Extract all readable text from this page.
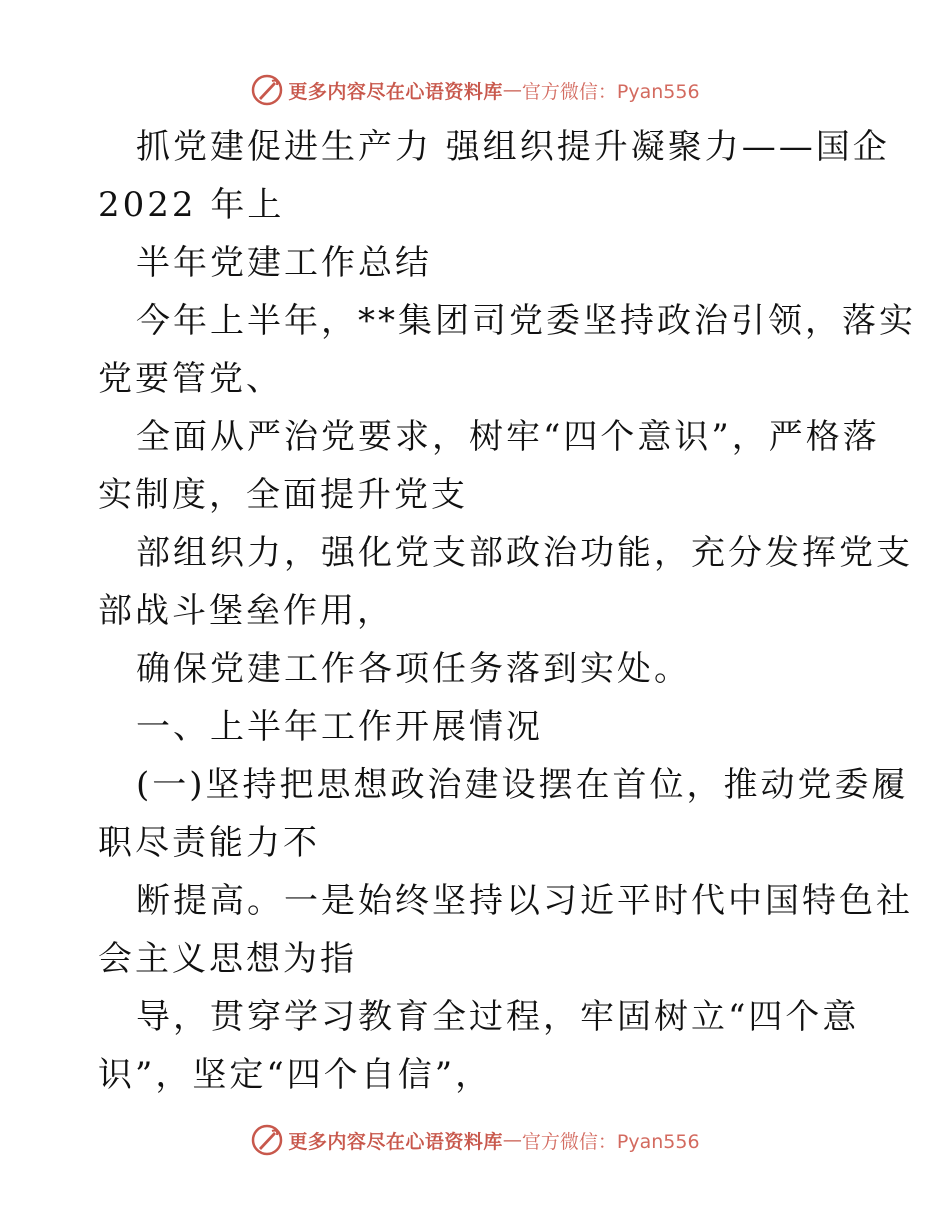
更多内容尽在心语资料库 — 官方微信：Pyan556
抓党建促进生产力 强组织提升凝聚力——国企
2022 年上
半年党建工作总结
今年上半年，**集团司党委坚持政治引领，落实
党要管党、
全面从严治党要求，树牢“四个意识”，严格落
实制度，全面提升党支
部组织力，强化党支部政治功能，充分发挥党支
部战斗堡垒作用，
确保党建工作各项任务落到实处。
一、上半年工作开展情况
(一)坚持把思想政治建设摆在首位，推动党委履
职尽责能力不
断提高。一是始终坚持以习近平时代中国特色社
会主义思想为指
导，贯穿学习教育全过程，牢固树立“四个意
识”，坚定“四个自信”，
更多内容尽在心语资料库 — 官方微信：Pyan556
